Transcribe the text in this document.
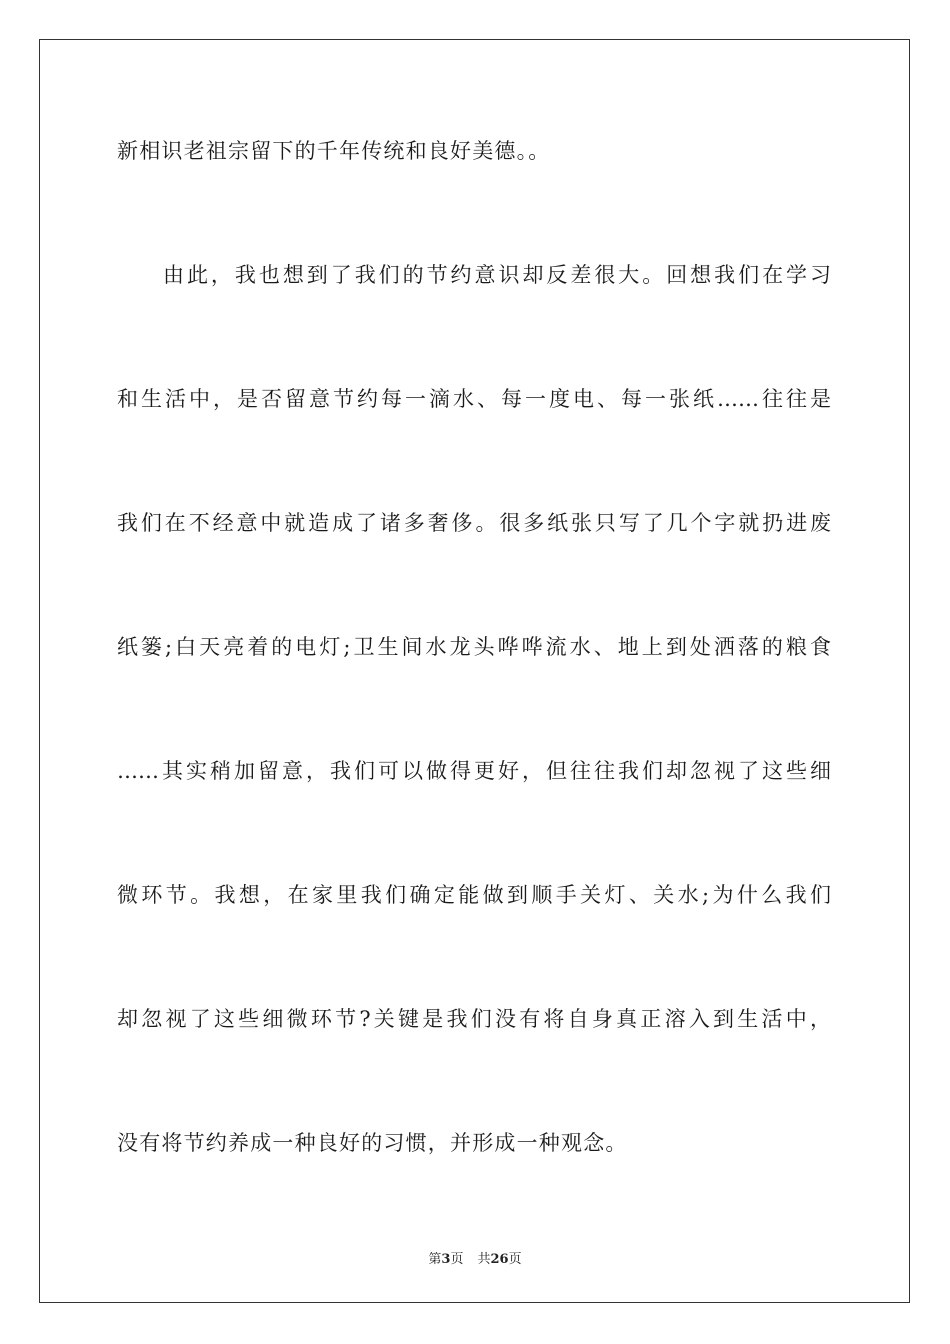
新相识老祖宗留下的千年传统和良好美德。。
由此，我也想到了我们的节约意识却反差很大。回想我们在学习
和生活中，是否留意节约每一滴水、每一度电、每一张纸……往往是
我们在不经意中就造成了诸多奢侈。很多纸张只写了几个字就扔进废
纸篓;白天亮着的电灯;卫生间水龙头哗哗流水、地上到处洒落的粮食
……其实稍加留意，我们可以做得更好，但往往我们却忽视了这些细
微环节。我想，在家里我们确定能做到顺手关灯、关水;为什么我们
却忽视了这些细微环节?关键是我们没有将自身真正溶入到生活中，
没有将节约养成一种良好的习惯，并形成一种观念。
第3页 共26页
